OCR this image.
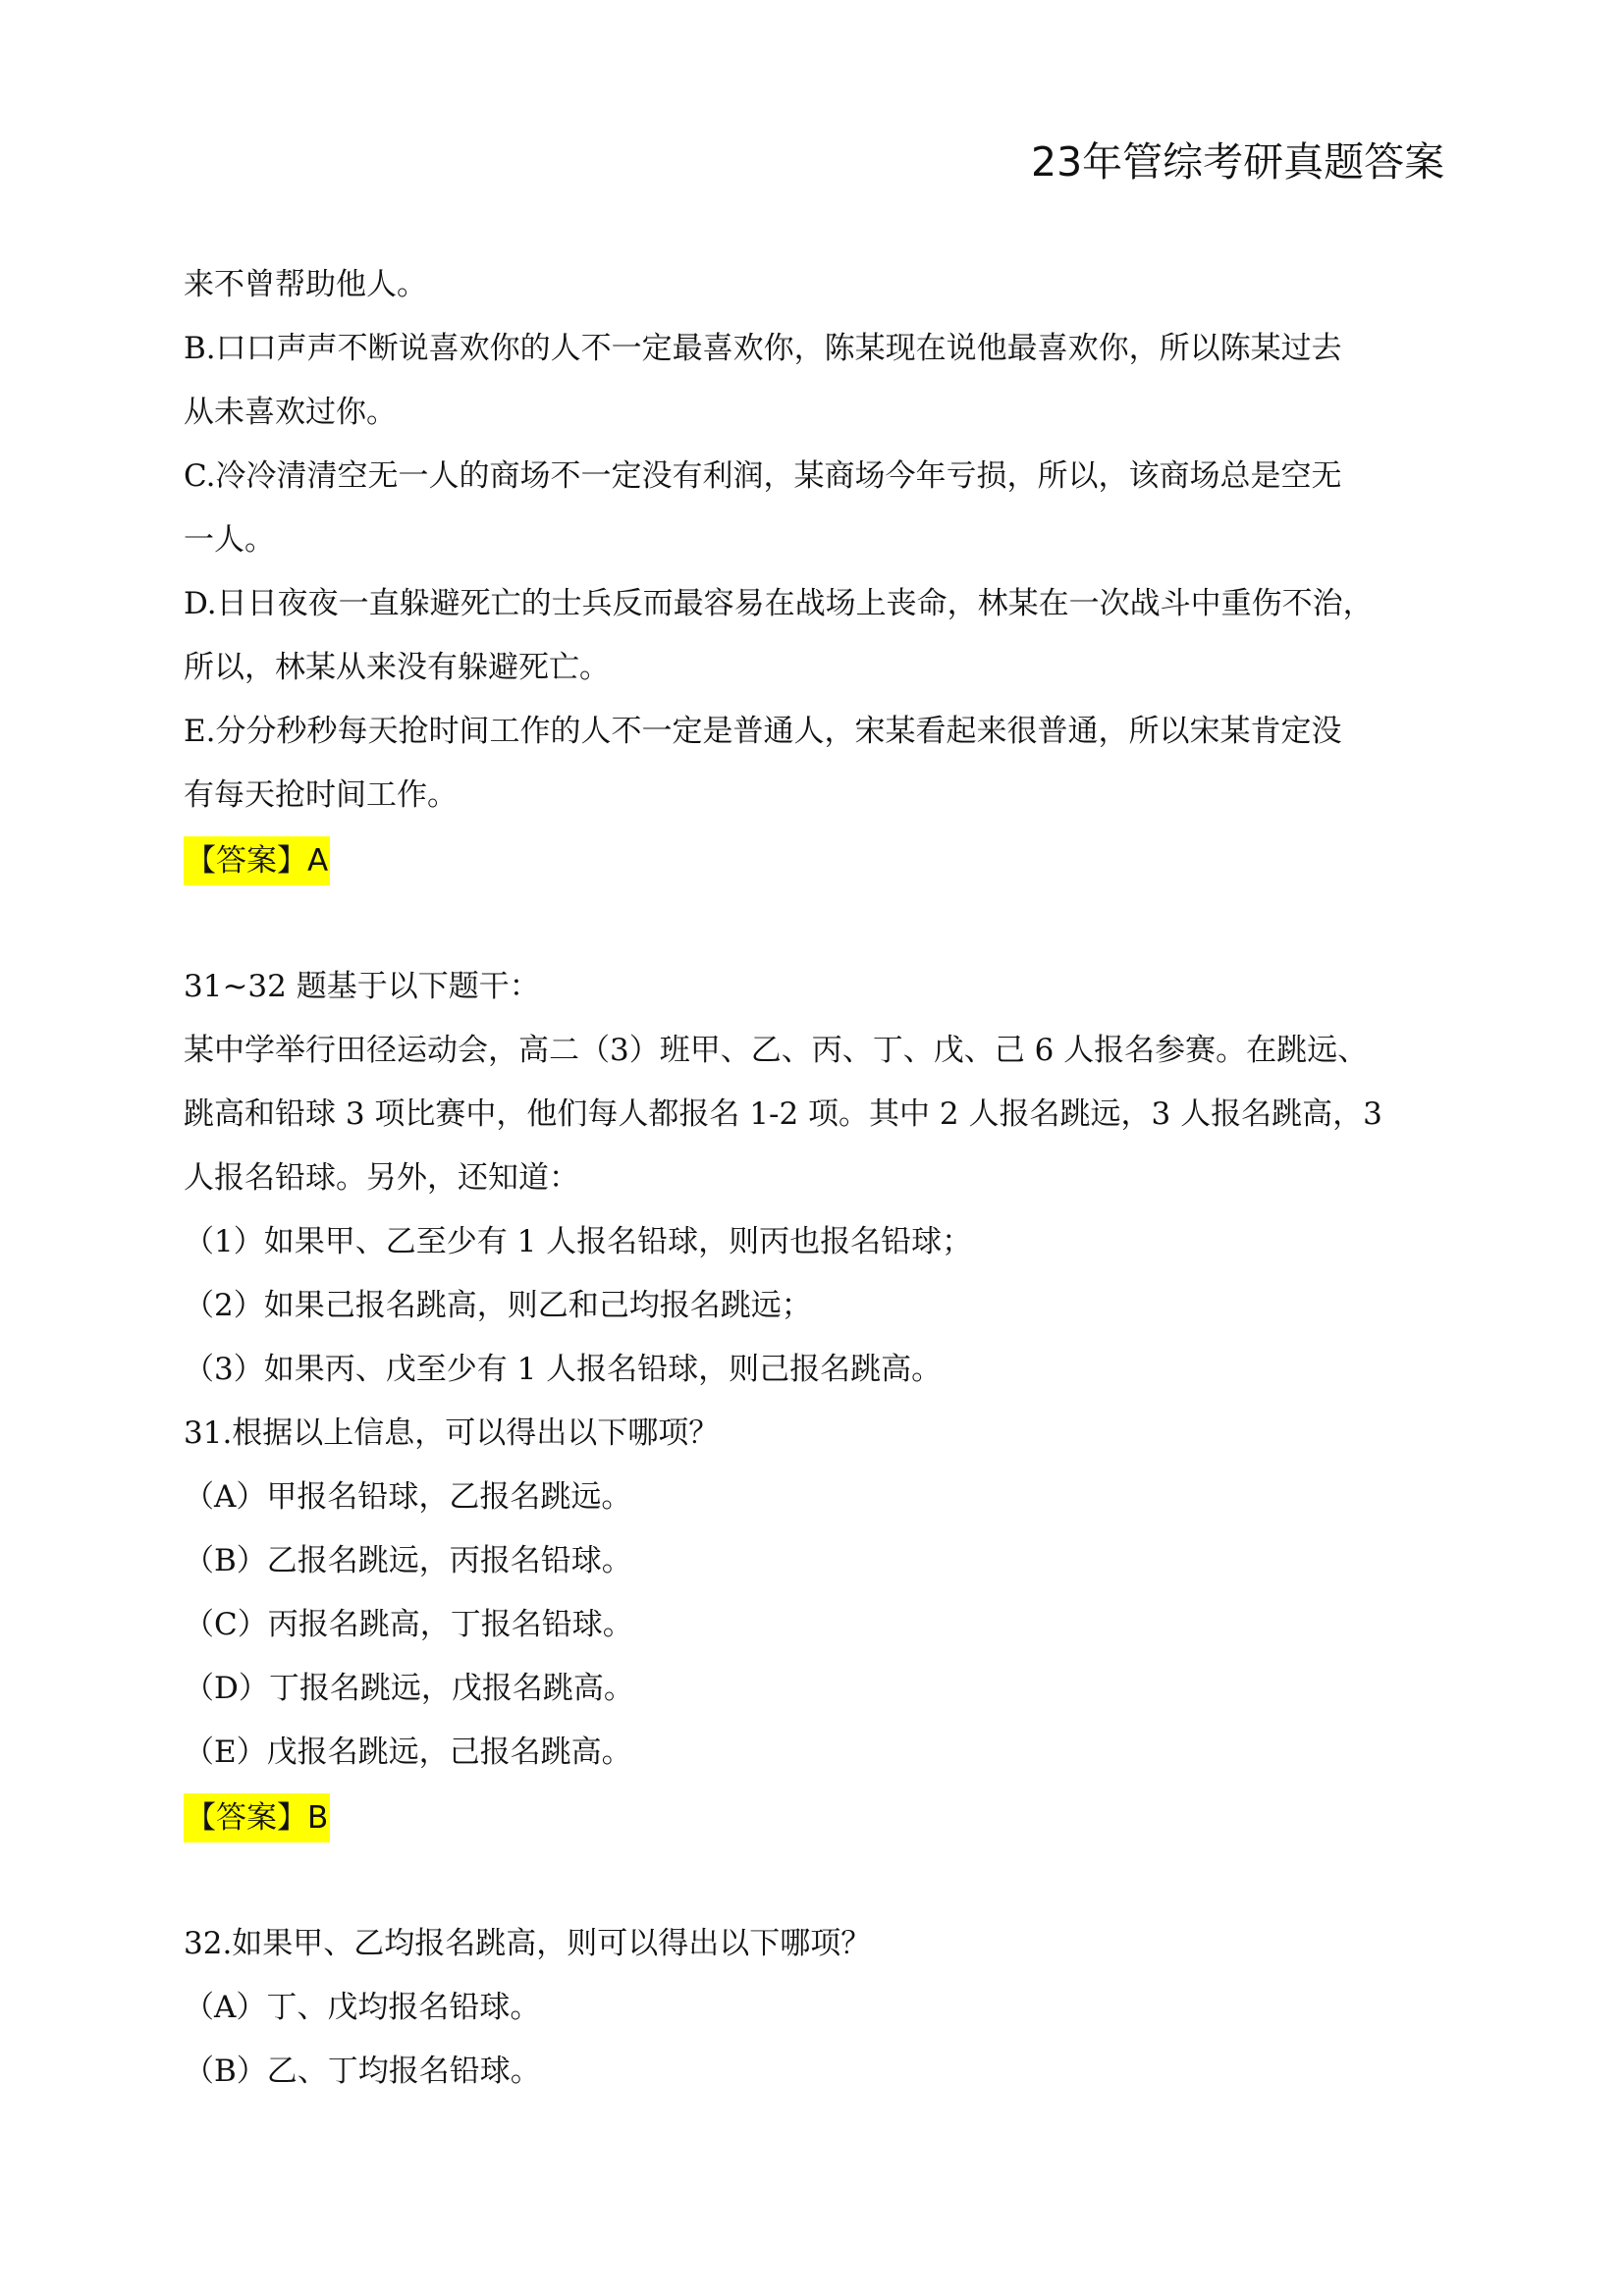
23年管综考研真题答案
来不曾帮助他人。
B.口口声声不断说喜欢你的人不一定最喜欢你，陈某现在说他最喜欢你，所以陈某过去
从未喜欢过你。
C.冷冷清清空无一人的商场不一定没有利润，某商场今年亏损，所以，该商场总是空无
一人。
D.日日夜夜一直躲避死亡的士兵反而最容易在战场上丧命，林某在一次战斗中重伤不治，
所以，林某从来没有躲避死亡。
E.分分秒秒每天抢时间工作的人不一定是普通人，宋某看起来很普通，所以宋某肯定没
有每天抢时间工作。
【答案】A
31~32 题基于以下题干：
某中学举行田径运动会，高二（3）班甲、乙、丙、丁、戊、己 6 人报名参赛。在跳远、
跳高和铅球 3 项比赛中，他们每人都报名 1-2 项。其中 2 人报名跳远，3 人报名跳高，3
人报名铅球。另外，还知道：
（1）如果甲、乙至少有 1 人报名铅球，则丙也报名铅球；
（2）如果己报名跳高，则乙和己均报名跳远；
（3）如果丙、戊至少有 1 人报名铅球，则己报名跳高。
31.根据以上信息，可以得出以下哪项？
（A）甲报名铅球，乙报名跳远。
（B）乙报名跳远，丙报名铅球。
（C）丙报名跳高，丁报名铅球。
（D）丁报名跳远，戊报名跳高。
（E）戊报名跳远，己报名跳高。
【答案】B
32.如果甲、乙均报名跳高，则可以得出以下哪项？
（A）丁、戊均报名铅球。
（B）乙、丁均报名铅球。
